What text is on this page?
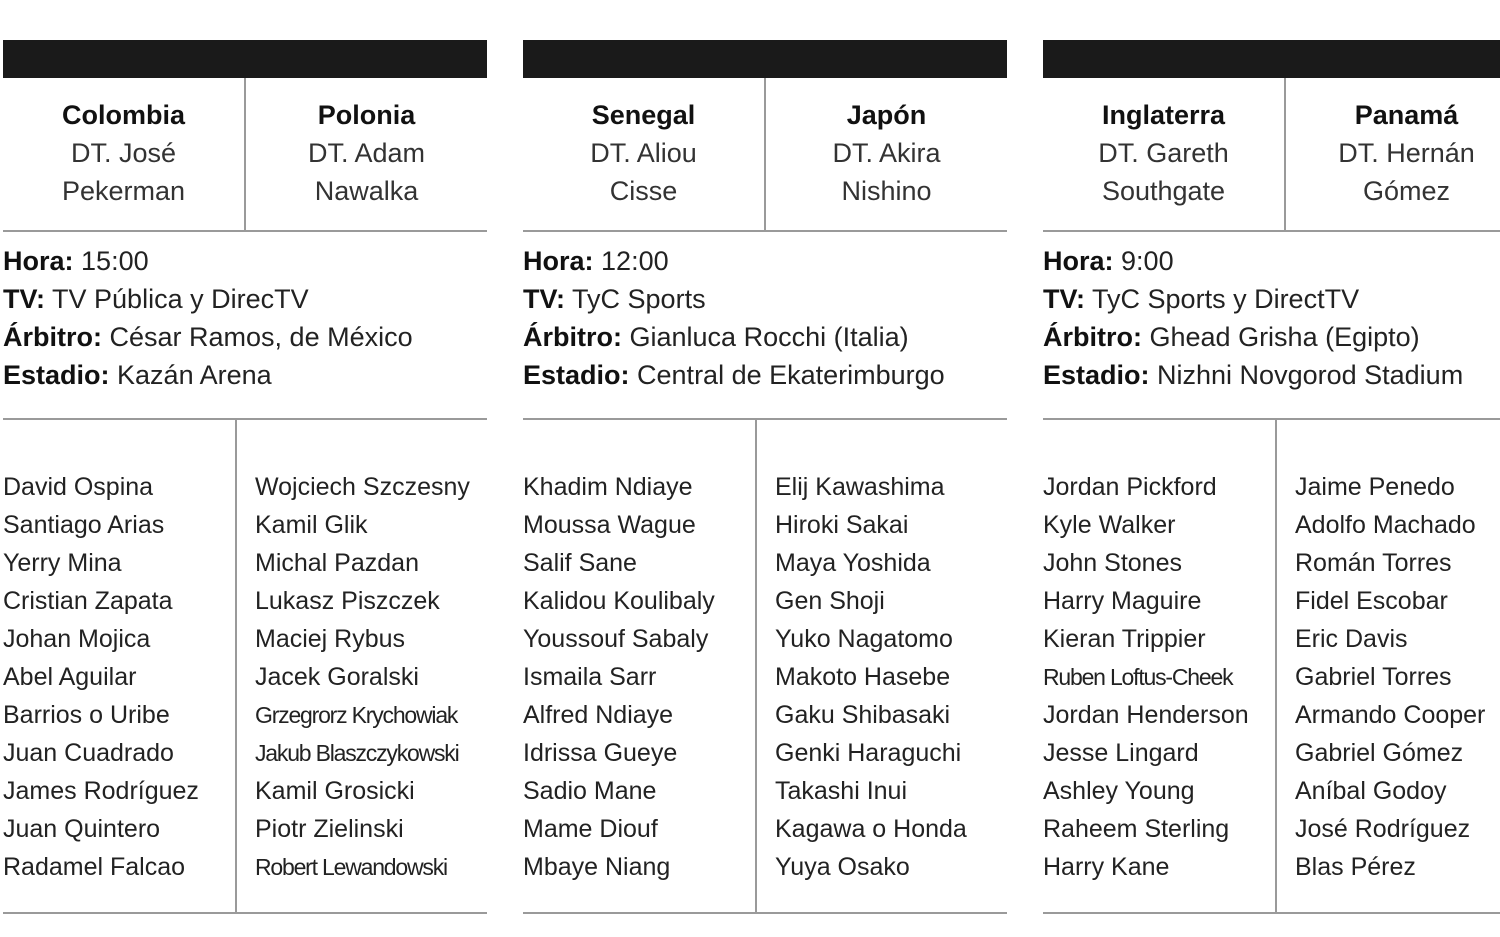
Colombia
DT. José
Pekerman
Polonia
DT. Adam
Nawalka
Hora: 15:00
TV: TV Pública y DirecTV
Árbitro: César Ramos, de México
Estadio: Kazán Arena
David Ospina
Santiago Arias
Yerry Mina
Cristian Zapata
Johan Mojica
Abel Aguilar
Barrios o Uribe
Juan Cuadrado
James Rodríguez
Juan Quintero
Radamel Falcao
Wojciech Szczesny
Kamil Glik
Michal Pazdan
Lukasz Piszczek
Maciej Rybus
Jacek Goralski
Grzegrorz Krychowiak
Jakub Blaszczykowski
Kamil Grosicki
Piotr Zielinski
Robert Lewandowski
Senegal
DT. Aliou
Cisse
Japón
DT. Akira
Nishino
Hora: 12:00
TV: TyC Sports
Árbitro: Gianluca Rocchi (Italia)
Estadio: Central de Ekaterimburgo
Khadim Ndiaye
Moussa Wague
Salif Sane
Kalidou Koulibaly
Youssouf Sabaly
Ismaila Sarr
Alfred Ndiaye
Idrissa Gueye
Sadio Mane
Mame Diouf
Mbaye Niang
Elij Kawashima
Hiroki Sakai
Maya Yoshida
Gen Shoji
Yuko Nagatomo
Makoto Hasebe
Gaku Shibasaki
Genki Haraguchi
Takashi Inui
Kagawa o Honda
Yuya Osako
Inglaterra
DT. Gareth
Southgate
Panamá
DT. Hernán
Gómez
Hora: 9:00
TV: TyC Sports y DirectTV
Árbitro: Ghead Grisha (Egipto)
Estadio: Nizhni Novgorod Stadium
Jordan Pickford
Kyle Walker
John Stones
Harry Maguire
Kieran Trippier
Ruben Loftus-Cheek
Jordan Henderson
Jesse Lingard
Ashley Young
Raheem Sterling
Harry Kane
Jaime Penedo
Adolfo Machado
Román Torres
Fidel Escobar
Eric Davis
Gabriel Torres
Armando Cooper
Gabriel Gómez
Aníbal Godoy
José Rodríguez
Blas Pérez
